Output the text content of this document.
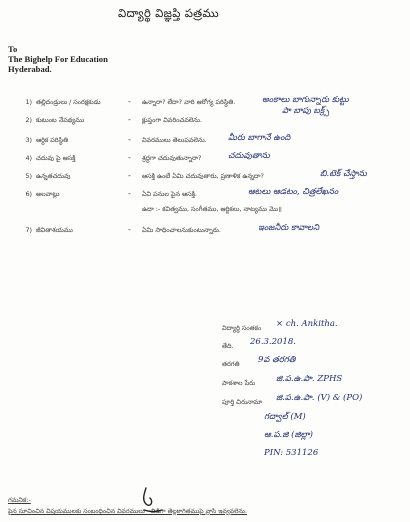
విద్యార్థి విజ్ఞప్తి పత్రము
To
The Bighelp For Education
Hyderabad.
1) తల్లిదండ్రులు / సంరక్షకుడు	- ఉన్నారా? లేదా? వారి ఆరోగ్య పరిస్థితి.	అంకాలు బాగున్నారు కుట్టు
పా బాపు బక్ర్స్
2) కుటుంబ నేపథ్యము	- క్లుప్తంగా వివరించవలెను.
3) ఆర్థిక పరిస్థితి	- వివరములు తెలుపవలెను.	మీరు బాగానే ఉంది
4) చదువు పై ఆసక్తి	- శ్రద్ధగా చదువుతున్నారా?	చదువుతాను
5) ఉన్నతచదువు	- ఆసక్తి ఉంటే ఏమి చదువుతారు, ప్రణాళిక ఉన్నదా?	బి.టెక్ చేస్తాను
6) అలవాట్లు	- ఏవి పనుల పైన ఆసక్తి.	ఆటలు ఆడటం, చిత్రలేఖనం
ఉదా :- కవిత్వము, సంగీతము, ఆర్టికలు, నాట్యము మొ॥
7) జీవితాశయము	- ఏమి సాధించాలనుకుంటున్నారు.	ఇంజనీరు కావాలని
విద్యార్థి సంతకం × ch. Ankitha.
తేది. 26.3.2018.
తరగతి 9వ తరగతి
పాఠశాల పేరు జి.ప.ఉ.పా. ZPHS
పూర్తి చిరునామా జి.ప.ఉ.పా. (V) & (PO)
గద్వాల్ (M)
ఆ.ప.జి (జిల్లా)
PIN: 531126
గమనిక:-
పైన సూచించిన విషయములకు సంబంధించిన వివరములు - విడిగా తెల్లకాగితముపై వ్రాసి ఇవ్వవలెను.
